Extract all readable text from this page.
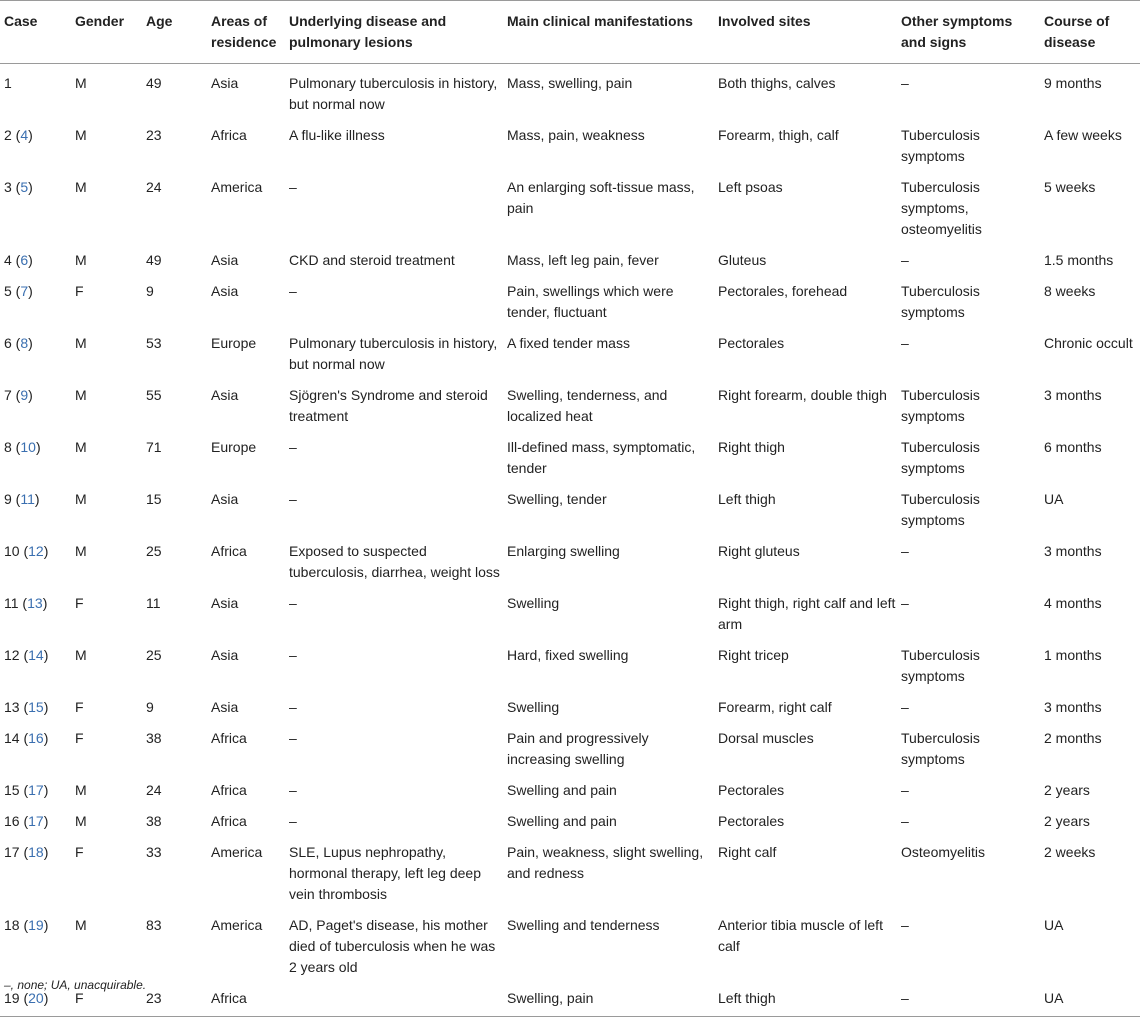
Case	Gender	Age	Areas of residence	Underlying disease and pulmonary lesions	Main clinical manifestations	Involved sites	Other symptoms and signs	Course of disease
1	M	49	Asia	Pulmonary tuberculosis in history, but normal now	Mass, swelling, pain	Both thighs, calves	–	9 months
2 (4)	M	23	Africa	A flu-like illness	Mass, pain, weakness	Forearm, thigh, calf	Tuberculosis symptoms	A few weeks
3 (5)	M	24	America	–	An enlarging soft-tissue mass, pain	Left psoas	Tuberculosis symptoms, osteomyelitis	5 weeks
4 (6)	M	49	Asia	CKD and steroid treatment	Mass, left leg pain, fever	Gluteus	–	1.5 months
5 (7)	F	9	Asia	–	Pain, swellings which were tender, fluctuant	Pectorales, forehead	Tuberculosis symptoms	8 weeks
6 (8)	M	53	Europe	Pulmonary tuberculosis in history, but normal now	A fixed tender mass	Pectorales	–	Chronic occult
7 (9)	M	55	Asia	Sjögren's Syndrome and steroid treatment	Swelling, tenderness, and localized heat	Right forearm, double thigh	Tuberculosis symptoms	3 months
8 (10)	M	71	Europe	–	Ill-defined mass, symptomatic, tender	Right thigh	Tuberculosis symptoms	6 months
9 (11)	M	15	Asia	–	Swelling, tender	Left thigh	Tuberculosis symptoms	UA
10 (12)	M	25	Africa	Exposed to suspected tuberculosis, diarrhea, weight loss	Enlarging swelling	Right gluteus	–	3 months
11 (13)	F	11	Asia	–	Swelling	Right thigh, right calf and left arm	–	4 months
12 (14)	M	25	Asia	–	Hard, fixed swelling	Right tricep	Tuberculosis symptoms	1 months
13 (15)	F	9	Asia	–	Swelling	Forearm, right calf	–	3 months
14 (16)	F	38	Africa	–	Pain and progressively increasing swelling	Dorsal muscles	Tuberculosis symptoms	2 months
15 (17)	M	24	Africa	–	Swelling and pain	Pectorales	–	2 years
16 (17)	M	38	Africa	–	Swelling and pain	Pectorales	–	2 years
17 (18)	F	33	America	SLE, Lupus nephropathy, hormonal therapy, left leg deep vein thrombosis	Pain, weakness, slight swelling, and redness	Right calf	Osteomyelitis	2 weeks
18 (19)	M	83	America	AD, Paget's disease, his mother died of tuberculosis when he was 2 years old	Swelling and tenderness	Anterior tibia muscle of left calf	–	UA
19 (20)	F	23	Africa		Swelling, pain	Left thigh	–	UA
–, none; UA, unacquirable.
